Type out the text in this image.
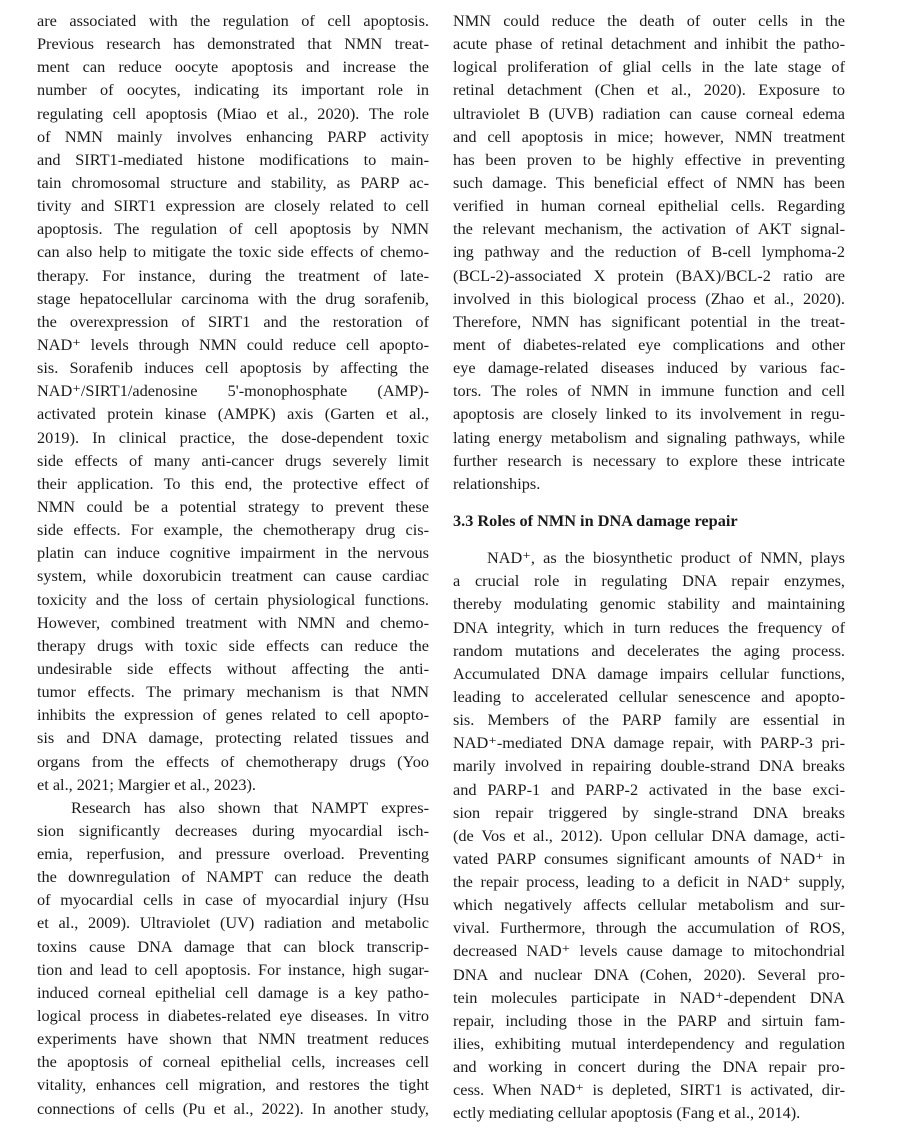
are associated with the regulation of cell apoptosis.
Previous research has demonstrated that NMN treat-
ment can reduce oocyte apoptosis and increase the
number of oocytes, indicating its important role in
regulating cell apoptosis (Miao et al., 2020). The role
of NMN mainly involves enhancing PARP activity
and SIRT1-mediated histone modifications to main-
tain chromosomal structure and stability, as PARP ac-
tivity and SIRT1 expression are closely related to cell
apoptosis. The regulation of cell apoptosis by NMN
can also help to mitigate the toxic side effects of chemo-
therapy. For instance, during the treatment of late-
stage hepatocellular carcinoma with the drug sorafenib,
the overexpression of SIRT1 and the restoration of
NAD⁺ levels through NMN could reduce cell apopto-
sis. Sorafenib induces cell apoptosis by affecting the
NAD⁺/SIRT1/adenosine 5'-monophosphate (AMP)-
activated protein kinase (AMPK) axis (Garten et al.,
2019). In clinical practice, the dose-dependent toxic
side effects of many anti-cancer drugs severely limit
their application. To this end, the protective effect of
NMN could be a potential strategy to prevent these
side effects. For example, the chemotherapy drug cis-
platin can induce cognitive impairment in the nervous
system, while doxorubicin treatment can cause cardiac
toxicity and the loss of certain physiological functions.
However, combined treatment with NMN and chemo-
therapy drugs with toxic side effects can reduce the
undesirable side effects without affecting the anti-
tumor effects. The primary mechanism is that NMN
inhibits the expression of genes related to cell apopto-
sis and DNA damage, protecting related tissues and
organs from the effects of chemotherapy drugs (Yoo
et al., 2021; Margier et al., 2023).
Research has also shown that NAMPT expres-
sion significantly decreases during myocardial isch-
emia, reperfusion, and pressure overload. Preventing
the downregulation of NAMPT can reduce the death
of myocardial cells in case of myocardial injury (Hsu
et al., 2009). Ultraviolet (UV) radiation and metabolic
toxins cause DNA damage that can block transcrip-
tion and lead to cell apoptosis. For instance, high sugar-
induced corneal epithelial cell damage is a key patho-
logical process in diabetes-related eye diseases. In vitro
experiments have shown that NMN treatment reduces
the apoptosis of corneal epithelial cells, increases cell
vitality, enhances cell migration, and restores the tight
connections of cells (Pu et al., 2022). In another study,
NMN could reduce the death of outer cells in the
acute phase of retinal detachment and inhibit the patho-
logical proliferation of glial cells in the late stage of
retinal detachment (Chen et al., 2020). Exposure to
ultraviolet B (UVB) radiation can cause corneal edema
and cell apoptosis in mice; however, NMN treatment
has been proven to be highly effective in preventing
such damage. This beneficial effect of NMN has been
verified in human corneal epithelial cells. Regarding
the relevant mechanism, the activation of AKT signal-
ing pathway and the reduction of B-cell lymphoma-2
(BCL-2)-associated X protein (BAX)/BCL-2 ratio are
involved in this biological process (Zhao et al., 2020).
Therefore, NMN has significant potential in the treat-
ment of diabetes-related eye complications and other
eye damage-related diseases induced by various fac-
tors. The roles of NMN in immune function and cell
apoptosis are closely linked to its involvement in regu-
lating energy metabolism and signaling pathways, while
further research is necessary to explore these intricate
relationships.
3.3 Roles of NMN in DNA damage repair
NAD⁺, as the biosynthetic product of NMN, plays
a crucial role in regulating DNA repair enzymes,
thereby modulating genomic stability and maintaining
DNA integrity, which in turn reduces the frequency of
random mutations and decelerates the aging process.
Accumulated DNA damage impairs cellular functions,
leading to accelerated cellular senescence and apopto-
sis. Members of the PARP family are essential in
NAD⁺-mediated DNA damage repair, with PARP-3 pri-
marily involved in repairing double-strand DNA breaks
and PARP-1 and PARP-2 activated in the base exci-
sion repair triggered by single-strand DNA breaks
(de Vos et al., 2012). Upon cellular DNA damage, acti-
vated PARP consumes significant amounts of NAD⁺ in
the repair process, leading to a deficit in NAD⁺ supply,
which negatively affects cellular metabolism and sur-
vival. Furthermore, through the accumulation of ROS,
decreased NAD⁺ levels cause damage to mitochondrial
DNA and nuclear DNA (Cohen, 2020). Several pro-
tein molecules participate in NAD⁺-dependent DNA
repair, including those in the PARP and sirtuin fam-
ilies, exhibiting mutual interdependency and regulation
and working in concert during the DNA repair pro-
cess. When NAD⁺ is depleted, SIRT1 is activated, dir-
ectly mediating cellular apoptosis (Fang et al., 2014).
